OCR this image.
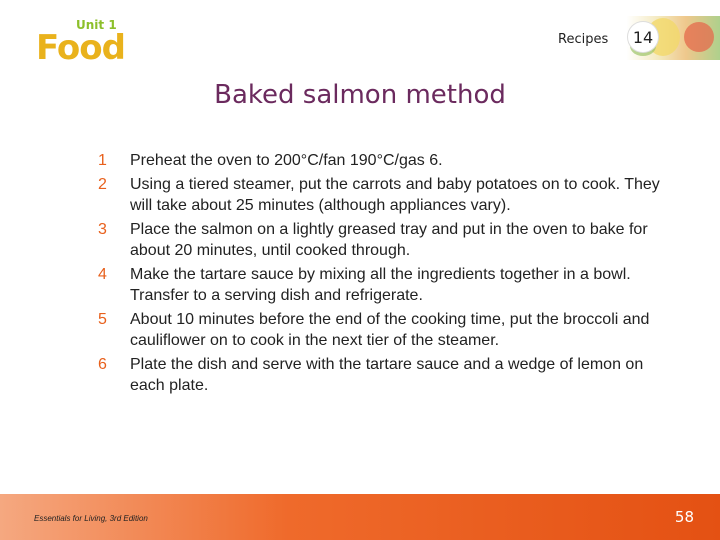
Unit 1
Food	Recipes	14
Baked salmon method
1	Preheat the oven to 200°C/fan 190°C/gas 6.
2	Using a tiered steamer, put the carrots and baby potatoes on to cook. They will take about 25 minutes (although appliances vary).
3	Place the salmon on a lightly greased tray and put in the oven to bake for about 20 minutes, until cooked through.
4	Make the tartare sauce by mixing all the ingredients together in a bowl. Transfer to a serving dish and refrigerate.
5	About 10 minutes before the end of the cooking time, put the broccoli and cauliflower on to cook in the next tier of the steamer.
6	Plate the dish and serve with the tartare sauce and a wedge of lemon on each plate.
Essentials for Living, 3rd Edition	58
